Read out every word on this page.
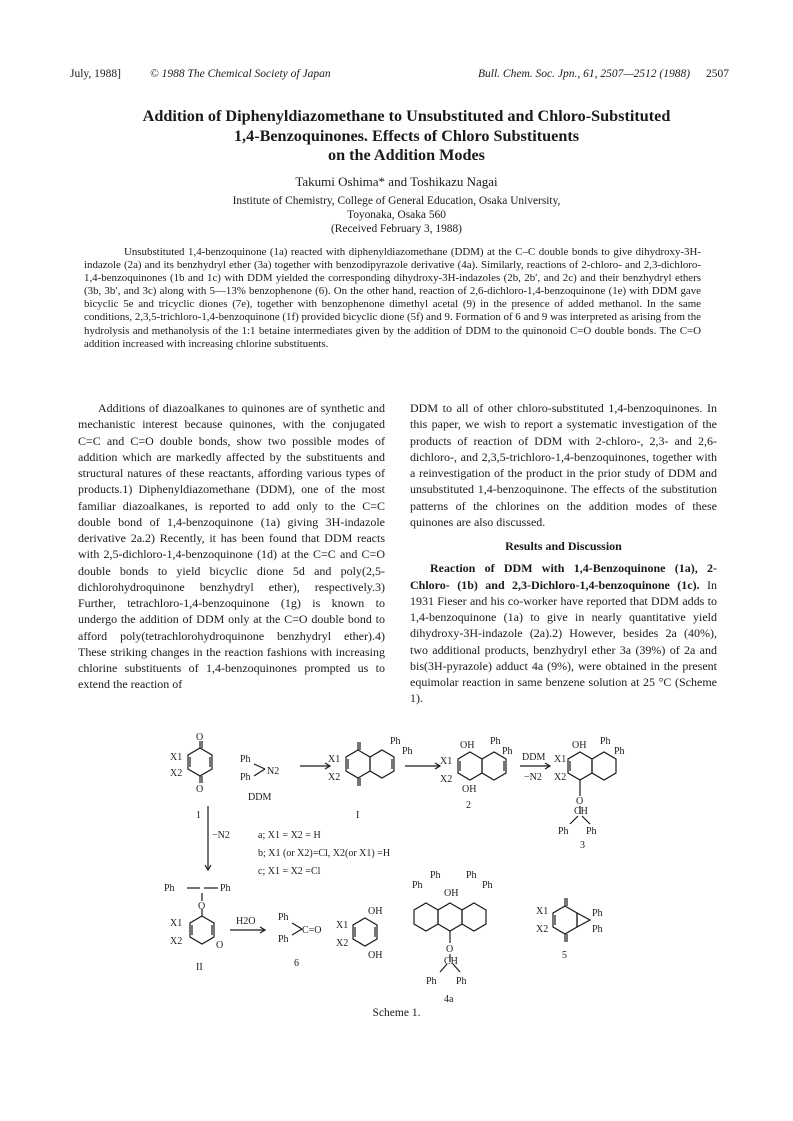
July, 1988]	© 1988 The Chemical Society of Japan	Bull. Chem. Soc. Jpn., 61, 2507—2512 (1988) 2507
Addition of Diphenyldiazomethane to Unsubstituted and Chloro-Substituted
1,4-Benzoquinones. Effects of Chloro Substituents
on the Addition Modes
Takumi Oshima* and Toshikazu Nagai
Institute of Chemistry, College of General Education, Osaka University,
Toyonaka, Osaka 560
(Received February 3, 1988)
Unsubstituted 1,4-benzoquinone (1a) reacted with diphenyldiazomethane (DDM) at the C–C double bonds to give dihydroxy-3H-indazole (2a) and its benzhydryl ether (3a) together with benzodipyrazole derivative (4a). Similarly, reactions of 2-chloro- and 2,3-dichloro-1,4-benzoquinones (1b and 1c) with DDM yielded the corresponding dihydroxy-3H-indazoles (2b, 2b′, and 2c) and their benzhydryl ethers (3b, 3b′, and 3c) along with 5—13% benzophenone (6). On the other hand, reaction of 2,6-dichloro-1,4-benzoquinone (1e) with DDM gave bicyclic 5e and tricyclic diones (7e), together with benzophenone dimethyl acetal (9) in the presence of added methanol. In the same conditions, 2,3,5-trichloro-1,4-benzoquinone (1f) provided bicyclic dione (5f) and 9. Formation of 6 and 9 was interpreted as arising from the hydrolysis and methanolysis of the 1:1 betaine intermediates given by the addition of DDM to the quinonoid C=O double bonds. The C=O addition increased with increasing chlorine substituents.
Additions of diazoalkanes to quinones are of synthetic and mechanistic interest because quinones, with the conjugated C=C and C=O double bonds, show two possible modes of addition which are markedly affected by the substituents and structural natures of these reactants, affording various types of products.1) Diphenyldiazomethane (DDM), one of the most familiar diazoalkanes, is reported to add only to the C=C double bond of 1,4-benzoquinone (1a) giving 3H-indazole derivative 2a.2) Recently, it has been found that DDM reacts with 2,5-dichloro-1,4-benzoquinone (1d) at the C=C and C=O double bonds to yield bicyclic dione 5d and poly(2,5-dichlorohydroquinone benzhydryl ether), respectively.3) Further, tetrachloro-1,4-benzoquinone (1g) is known to undergo the addition of DDM only at the C=O double bond to afford poly(tetrachlorohydroquinone benzhydryl ether).4) These striking changes in the reaction fashions with increasing chlorine substituents of 1,4-benzoquinones prompted us to extend the reaction of

DDM to all of other chloro-substituted 1,4-benzoquinones. In this paper, we wish to report a systematic investigation of the products of reaction of DDM with 2-chloro-, 2,3- and 2,6-dichloro-, and 2,3,5-trichloro-1,4-benzoquinones, together with a reinvestigation of the product in the prior study of DDM and unsubstituted 1,4-benzoquinone. The effects of the substitution patterns of the chlorines on the addition modes of these quinones are also discussed.

Results and Discussion

Reaction of DDM with 1,4-Benzoquinone (1a), 2-Chloro- (1b) and 2,3-Dichloro-1,4-benzoquinone (1c). In 1931 Fieser and his co-worker have reported that DDM adds to 1,4-benzoquinone (1a) to give in nearly quantitative yield dihydroxy-3H-indazole (2a).2) However, besides 2a (40%), two additional products, benzhydryl ether 3a (39%) of 2a and bis(3H-pyrazole) adduct 4a (9%), were obtained in the present equimolar reaction in same benzene solution at 25 °C (Scheme 1).

X1
X2
O
O
Ph
Ph
N2
DDM
1
X1
X2
Ph
Ph
I
OH
OH
X1
X2
Ph
Ph
2
DDM
−N2
OH
X1
X2
Ph
Ph
O
CH
Ph Ph
3
−N2	a; X1 = X2 = H
b; X1 (or X2)=Cl, X2(or X1) =H
c; X1 = X2 =Cl
Ph	Ph
O
X1
X2	O
II
H2O Ph
Ph
C=O
6
OH
OH
X1
X2
Ph
Ph
OH
Ph
Ph
O
CH
Ph Ph
4a
X1
X2
Ph
Ph
5
Scheme 1.
